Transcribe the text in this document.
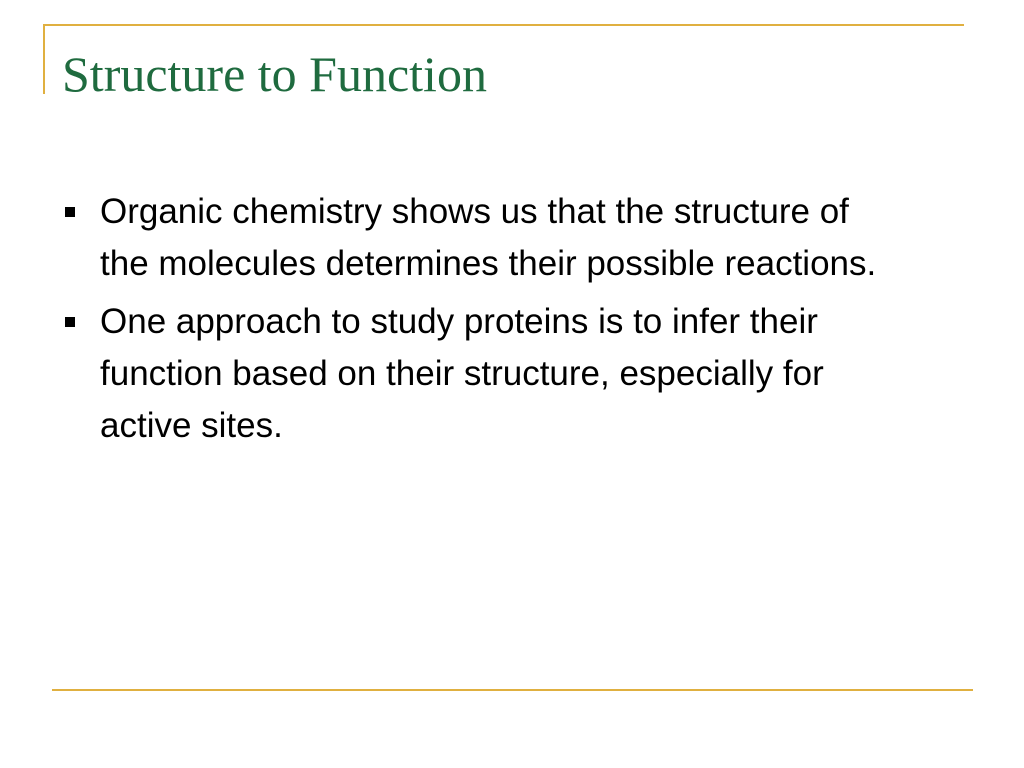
Structure to Function
Organic chemistry shows us that the structure of the molecules determines their possible reactions.
One approach to study proteins is to infer their function based on their structure, especially for active sites.
